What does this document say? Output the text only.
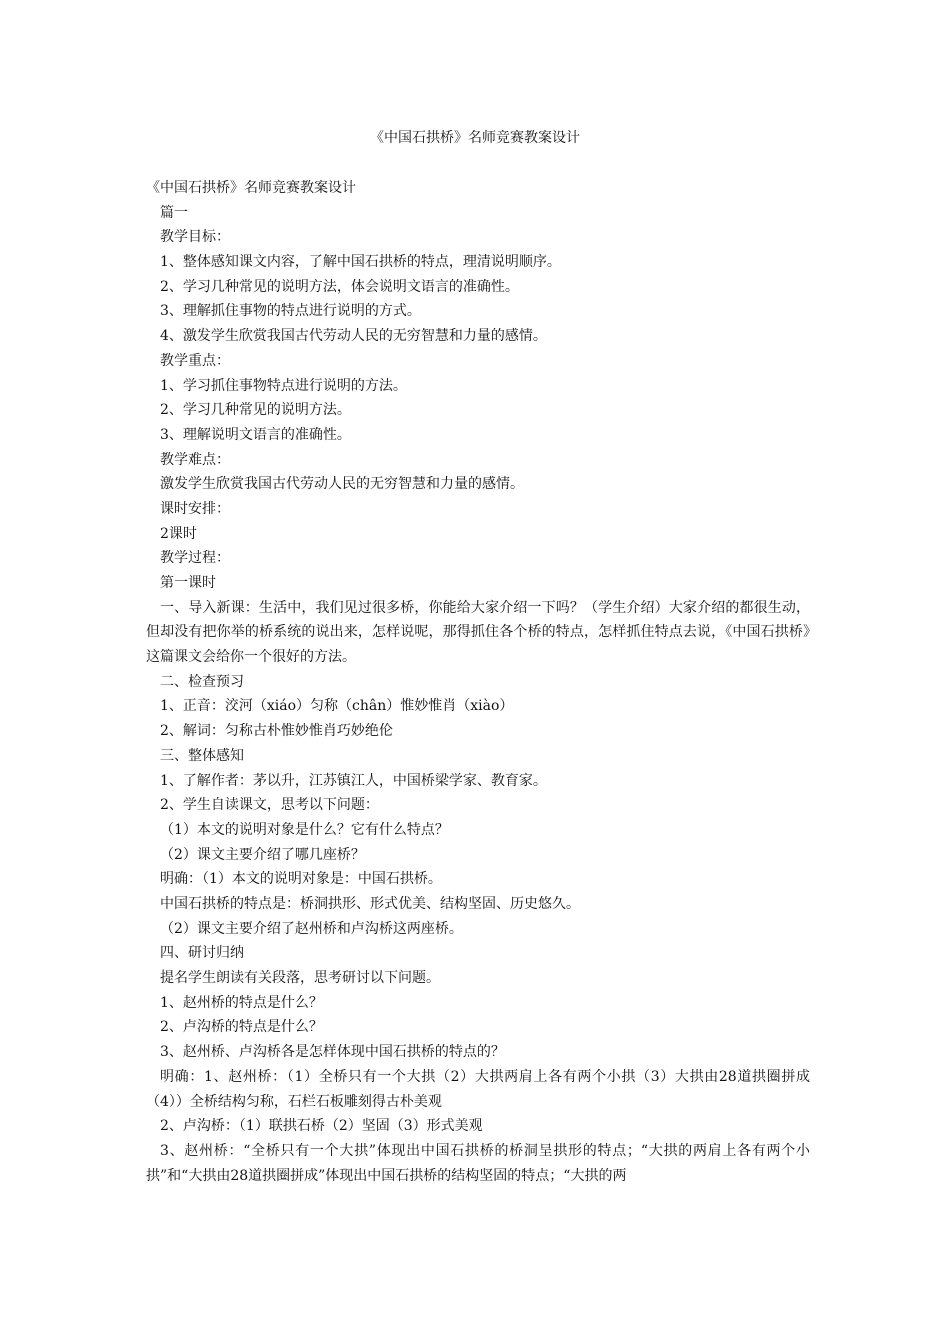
《中国石拱桥》名师竞赛教案设计
《中国石拱桥》名师竞赛教案设计
篇一
教学目标：
1、整体感知课文内容，了解中国石拱桥的特点，理清说明顺序。
2、学习几种常见的说明方法，体会说明文语言的准确性。
3、理解抓住事物的特点进行说明的方式。
4、激发学生欣赏我国古代劳动人民的无穷智慧和力量的感情。
教学重点：
1、学习抓住事物特点进行说明的方法。
2、学习几种常见的说明方法。
3、理解说明文语言的准确性。
教学难点：
激发学生欣赏我国古代劳动人民的无穷智慧和力量的感情。
课时安排：
2课时
教学过程：
第一课时
一、导入新课：生活中，我们见过很多桥，你能给大家介绍一下吗？（学生介绍）大家介绍的都很生动，但却没有把你举的桥系统的说出来，怎样说呢，那得抓住各个桥的特点，怎样抓住特点去说，《中国石拱桥》这篇课文会给你一个很好的方法。
二、检查预习
1、正音：洨河（xiáo）匀称（chân）惟妙惟肖（xiào）
2、解词：匀称古朴惟妙惟肖巧妙绝伦
三、整体感知
1、了解作者：茅以升，江苏镇江人，中国桥梁学家、教育家。
2、学生自读课文，思考以下问题：
（1）本文的说明对象是什么？它有什么特点？
（2）课文主要介绍了哪几座桥？
明确：（1）本文的说明对象是：中国石拱桥。
中国石拱桥的特点是：桥洞拱形、形式优美、结构坚固、历史悠久。
（2）课文主要介绍了赵州桥和卢沟桥这两座桥。
四、研讨归纳
提名学生朗读有关段落，思考研讨以下问题。
1、赵州桥的特点是什么？
2、卢沟桥的特点是什么？
3、赵州桥、卢沟桥各是怎样体现中国石拱桥的特点的？
明确：1、赵州桥：（1）全桥只有一个大拱（2）大拱两肩上各有两个小拱（3）大拱由28道拱圈拼成（4））全桥结构匀称，石栏石板雕刻得古朴美观
2、卢沟桥：（1）联拱石桥（2）坚固（3）形式美观
3、赵州桥：“全桥只有一个大拱”体现出中国石拱桥的桥洞呈拱形的特点；“大拱的两肩上各有两个小拱”和“大拱由28道拱圈拼成”体现出中国石拱桥的结构坚固的特点；“大拱的两
